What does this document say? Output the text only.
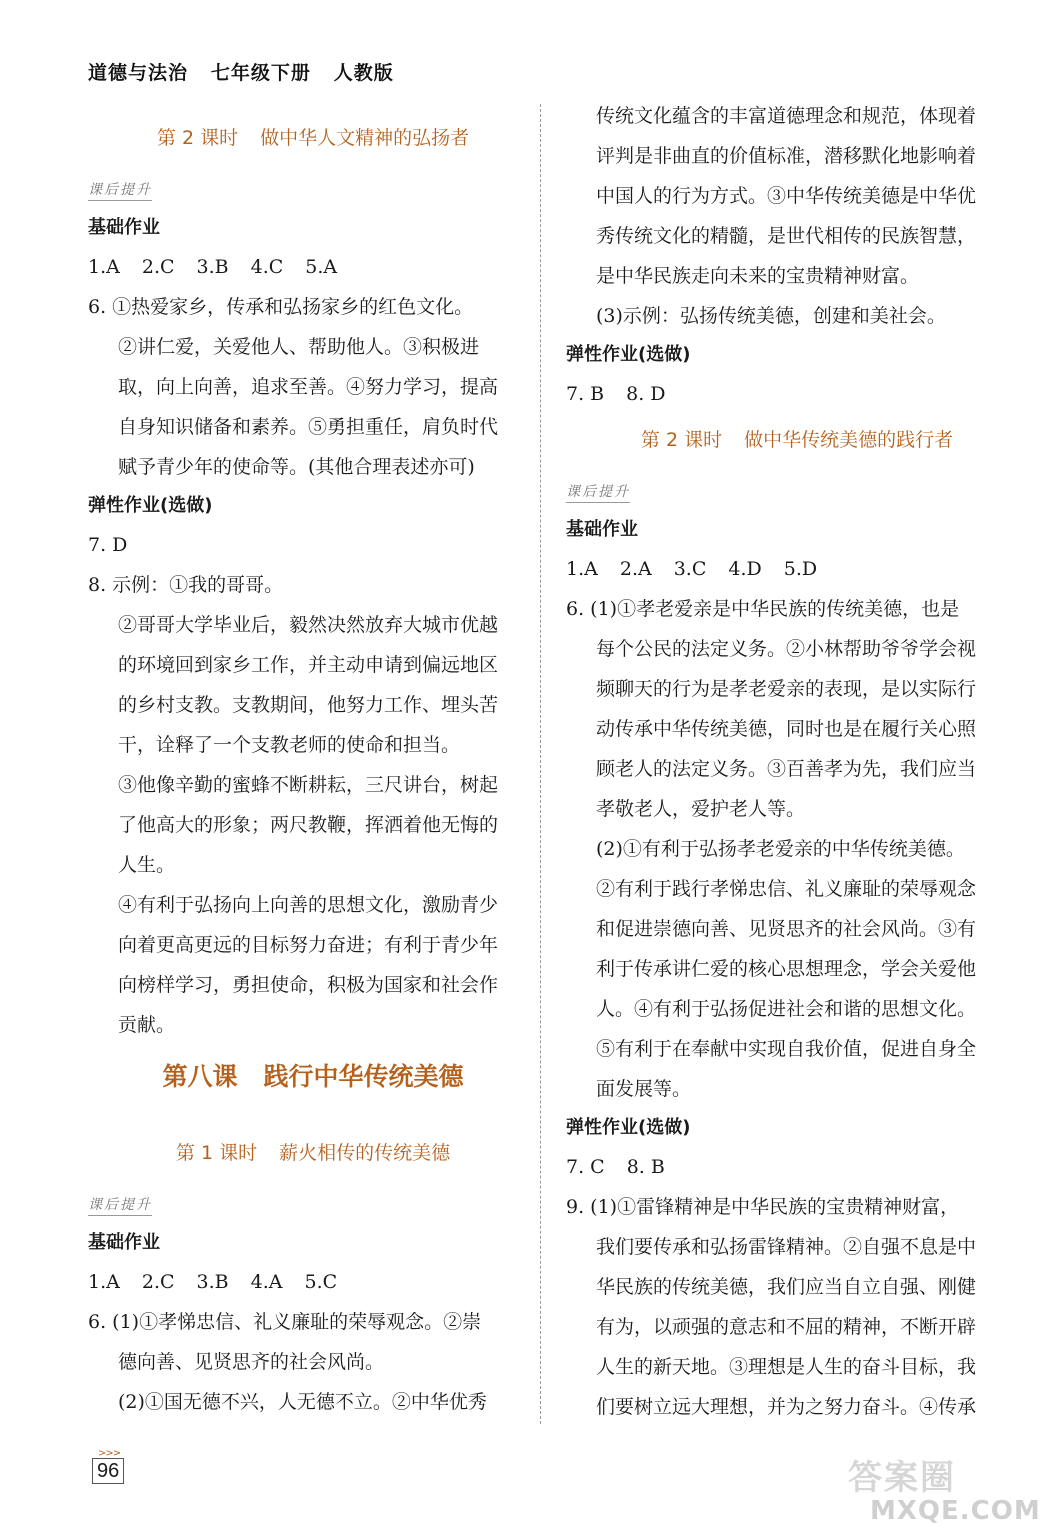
道德与法治   七年级下册   人教版
第 2 课时 做中华人文精神的弘扬者
课后提升
基础作业
1.A 2.C 3.B 4.C 5.A
6. ①热爱家乡，传承和弘扬家乡的红色文化。
②讲仁爱，关爱他人、帮助他人。③积极进
取，向上向善，追求至善。④努力学习，提高
自身知识储备和素养。⑤勇担重任，肩负时代
赋予青少年的使命等。(其他合理表述亦可)
弹性作业(选做)
7. D
8. 示例：①我的哥哥。
②哥哥大学毕业后，毅然决然放弃大城市优越
的环境回到家乡工作，并主动申请到偏远地区
的乡村支教。支教期间，他努力工作、埋头苦
干，诠释了一个支教老师的使命和担当。
③他像辛勤的蜜蜂不断耕耘，三尺讲台，树起
了他高大的形象；两尺教鞭，挥洒着他无悔的
人生。
④有利于弘扬向上向善的思想文化，激励青少
向着更高更远的目标努力奋进；有利于青少年
向榜样学习，勇担使命，积极为国家和社会作
贡献。
第八课 践行中华传统美德
第 1 课时 薪火相传的传统美德
课后提升
基础作业
1.A 2.C 3.B 4.A 5.C
6. (1)①孝悌忠信、礼义廉耻的荣辱观念。②崇
德向善、见贤思齐的社会风尚。
(2)①国无德不兴，人无德不立。②中华优秀
传统文化蕴含的丰富道德理念和规范，体现着
评判是非曲直的价值标准，潜移默化地影响着
中国人的行为方式。③中华传统美德是中华优
秀传统文化的精髓，是世代相传的民族智慧，
是中华民族走向未来的宝贵精神财富。
(3)示例：弘扬传统美德，创建和美社会。
弹性作业(选做)
7. B 8. D
第 2 课时 做中华传统美德的践行者
课后提升
基础作业
1.A 2.A 3.C 4.D 5.D
6. (1)①孝老爱亲是中华民族的传统美德，也是
每个公民的法定义务。②小林帮助爷爷学会视
频聊天的行为是孝老爱亲的表现，是以实际行
动传承中华传统美德，同时也是在履行关心照
顾老人的法定义务。③百善孝为先，我们应当
孝敬老人，爱护老人等。
(2)①有利于弘扬孝老爱亲的中华传统美德。
②有利于践行孝悌忠信、礼义廉耻的荣辱观念
和促进崇德向善、见贤思齐的社会风尚。③有
利于传承讲仁爱的核心思想理念，学会关爱他
人。④有利于弘扬促进社会和谐的思想文化。
⑤有利于在奉献中实现自我价值，促进自身全
面发展等。
弹性作业(选做)
7. C 8. B
9. (1)①雷锋精神是中华民族的宝贵精神财富，
我们要传承和弘扬雷锋精神。②自强不息是中
华民族的传统美德，我们应当自立自强、刚健
有为，以顽强的意志和不屈的精神，不断开辟
人生的新天地。③理想是人生的奋斗目标，我
们要树立远大理想，并为之努力奋斗。④传承
>>>
96	答案圈
MXQE.COM
